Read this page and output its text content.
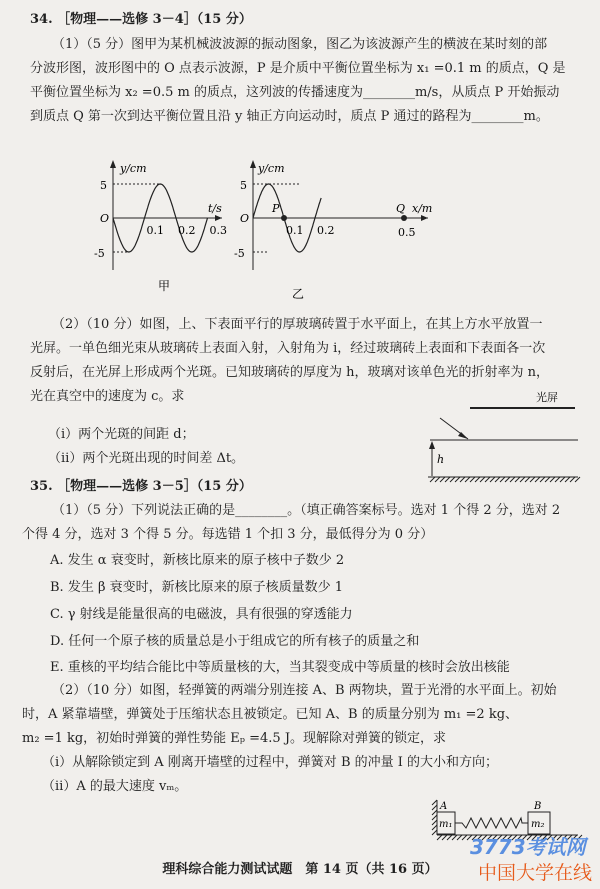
34. ［物理——选修 3－4］（15 分）
（1）（5 分）图甲为某机械波波源的振动图象，图乙为该波源产生的横波在某时刻的部
分波形图，波形图中的 O 点表示波源，P 是介质中平衡位置坐标为 x₁ =0.1 m 的质点，Q 是
平衡位置坐标为 x₂ =0.5 m 的质点，这列波的传播速度为________m/s，从质点 P 开始振动
到质点 Q 第一次到达平衡位置且沿 y 轴正方向运动时，质点 P 通过的路程为________m。
y/cm
t/s
O
5
-5
甲
0.1 0.2 0.3
y/cm
x/m
O
5
-5
P	Q
0.5
乙
0.1 0.2
（2）（10 分）如图，上、下表面平行的厚玻璃砖置于水平面上，在其上方水平放置一
光屏。一单色细光束从玻璃砖上表面入射，入射角为 i，经过玻璃砖上表面和下表面各一次
反射后，在光屏上形成两个光斑。已知玻璃砖的厚度为 h，玻璃对该单色光的折射率为 n，
光在真空中的速度为 c。求
（ⅰ）两个光斑的间距 d；
（ⅱ）两个光斑出现的时间差 Δt。
光屏
h
35. ［物理——选修 3－5］（15 分）
（1）（5 分）下列说法正确的是________。（填正确答案标号。选对 1 个得 2 分，选对 2
个得 4 分，选对 3 个得 5 分。每选错 1 个扣 3 分，最低得分为 0 分）
A. 发生 α 衰变时，新核比原来的原子核中子数少 2
B. 发生 β 衰变时，新核比原来的原子核质量数少 1
C. γ 射线是能量很高的电磁波，具有很强的穿透能力
D. 任何一个原子核的质量总是小于组成它的所有核子的质量之和
E. 重核的平均结合能比中等质量核的大，当其裂变成中等质量的核时会放出核能
（2）（10 分）如图，轻弹簧的两端分别连接 A、B 两物块，置于光滑的水平面上。初始
时，A 紧靠墙壁，弹簧处于压缩状态且被锁定。已知 A、B 的质量分别为 m₁ =2 kg、
m₂ =1 kg，初始时弹簧的弹性势能 Eₚ =4.5 J。现解除对弹簧的锁定，求
（ⅰ）从解除锁定到 A 刚离开墙壁的过程中，弹簧对 B 的冲量 I 的大小和方向；
（ⅱ）A 的最大速度 vₘ。
A
m₁
B
m₂
3773考试网
中国大学在线
理科综合能力测试试题　第 14 页（共 16 页）
